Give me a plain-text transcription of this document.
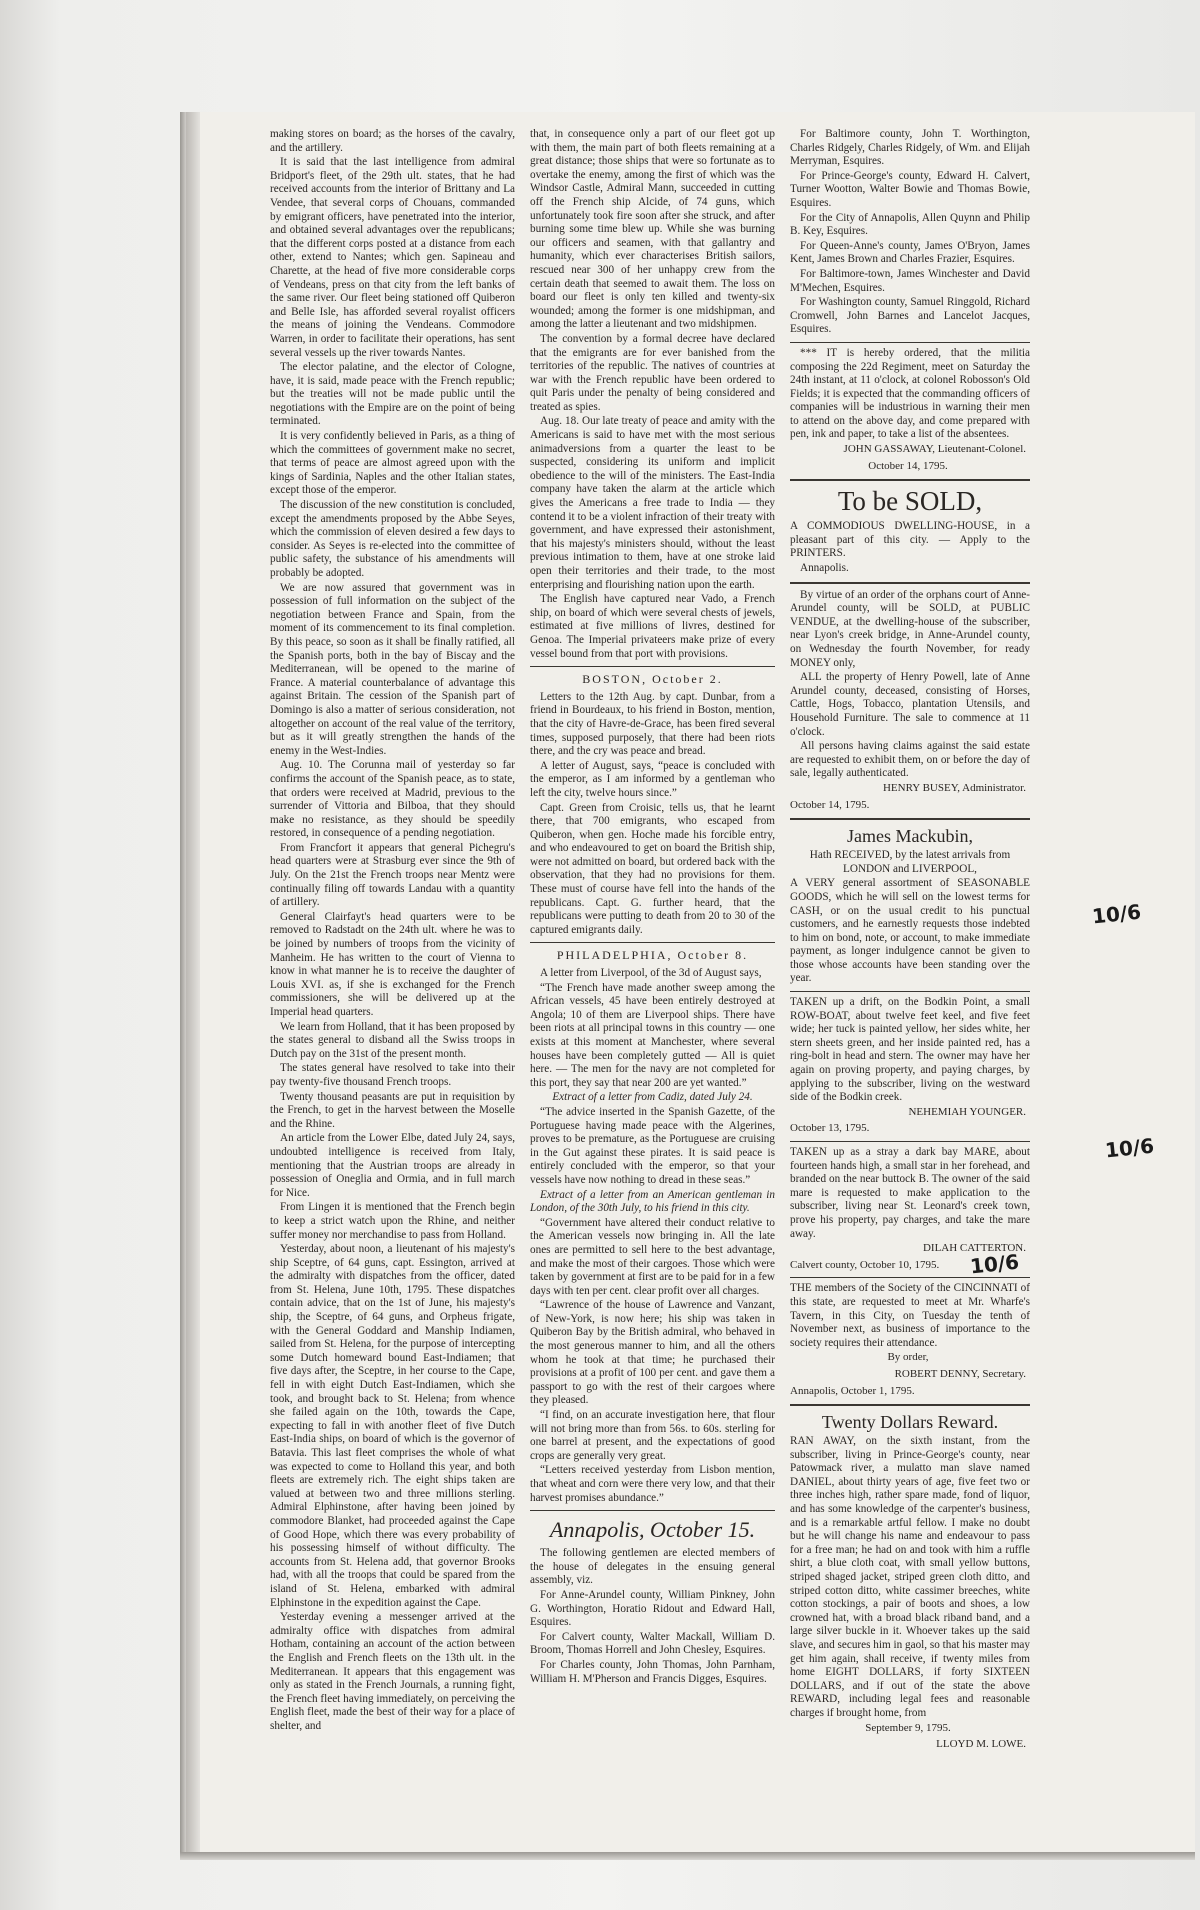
making stores on board; as the horses of the cavalry, and the artillery.

It is said that the last intelligence from admiral Bridport's fleet, of the 29th ult. states, that he had received accounts from the interior of Brittany and La Vendee, that several corps of Chouans, commanded by emigrant officers, have penetrated into the interior, and obtained several advantages over the republicans; that the different corps posted at a distance from each other, extend to Nantes; which gen. Sapineau and Charette, at the head of five more considerable corps of Vendeans, press on that city from the left banks of the same river. Our fleet being stationed off Quiberon and Belle Isle, has afforded several royalist officers the means of joining the Vendeans. Commodore Warren, in order to facilitate their operations, has sent several vessels up the river towards Nantes.

The elector palatine, and the elector of Cologne, have, it is said, made peace with the French republic; but the treaties will not be made public until the negotiations with the Empire are on the point of being terminated.

It is very confidently believed in Paris, as a thing of which the committees of government make no secret, that terms of peace are almost agreed upon with the kings of Sardinia, Naples and the other Italian states, except those of the emperor.

The discussion of the new constitution is concluded, except the amendments proposed by the Abbe Seyes, which the commission of eleven desired a few days to consider. As Seyes is re-elected into the committee of public safety, the substance of his amendments will probably be adopted.

We are now assured that government was in possession of full information on the subject of the negotiation between France and Spain, from the moment of its commencement to its final completion. By this peace, so soon as it shall be finally ratified, all the Spanish ports, both in the bay of Biscay and the Mediterranean, will be opened to the marine of France. A material counterbalance of advantage this against Britain. The cession of the Spanish part of Domingo is also a matter of serious consideration, not altogether on account of the real value of the territory, but as it will greatly strengthen the hands of the enemy in the West-Indies.

Aug. 10. The Corunna mail of yesterday so far confirms the account of the Spanish peace, as to state, that orders were received at Madrid, previous to the surrender of Vittoria and Bilboa, that they should make no resistance, as they should be speedily restored, in consequence of a pending negotiation.

From Francfort it appears that general Pichegru's head quarters were at Strasburg ever since the 9th of July. On the 21st the French troops near Mentz were continually filing off towards Landau with a quantity of artillery.

General Clairfayt's head quarters were to be removed to Radstadt on the 24th ult. where he was to be joined by numbers of troops from the vicinity of Manheim. He has written to the court of Vienna to know in what manner he is to receive the daughter of Louis XVI. as, if she is exchanged for the French commissioners, she will be delivered up at the Imperial head quarters.

We learn from Holland, that it has been proposed by the states general to disband all the Swiss troops in Dutch pay on the 31st of the present month.

The states general have resolved to take into their pay twenty-five thousand French troops.

Twenty thousand peasants are put in requisition by the French, to get in the harvest between the Moselle and the Rhine.

An article from the Lower Elbe, dated July 24, says, undoubted intelligence is received from Italy, mentioning that the Austrian troops are already in possession of Oneglia and Ormia, and in full march for Nice.

From Lingen it is mentioned that the French begin to keep a strict watch upon the Rhine, and neither suffer money nor merchandise to pass from Holland.

Yesterday, about noon, a lieutenant of his majesty's ship Sceptre, of 64 guns, capt. Essington, arrived at the admiralty with dispatches from the officer, dated from St. Helena, June 10th, 1795. These dispatches contain advice, that on the 1st of June, his majesty's ship, the Sceptre, of 64 guns, and Orpheus frigate, with the General Goddard and Manship Indiamen, sailed from St. Helena, for the purpose of intercepting some Dutch homeward bound East-Indiamen; that five days after, the Sceptre, in her course to the Cape, fell in with eight Dutch East-Indiamen, which she took, and brought back to St. Helena; from whence she failed again on the 10th, towards the Cape, expecting to fall in with another fleet of five Dutch East-India ships, on board of which is the governor of Batavia. This last fleet comprises the whole of what was expected to come to Holland this year, and both fleets are extremely rich. The eight ships taken are valued at between two and three millions sterling. Admiral Elphinstone, after having been joined by commodore Blanket, had proceeded against the Cape of Good Hope, which there was every probability of his possessing himself of without difficulty. The accounts from St. Helena add, that governor Brooks had, with all the troops that could be spared from the island of St. Helena, embarked with admiral Elphinstone in the expedition against the Cape.

Yesterday evening a messenger arrived at the admiralty office with dispatches from admiral Hotham, containing an account of the action between the English and French fleets on the 13th ult. in the Mediterranean. It appears that this engagement was only as stated in the French Journals, a running fight, the French fleet having immediately, on perceiving the English fleet, made the best of their way for a place of shelter, and

that, in consequence only a part of our fleet got up with them, the main part of both fleets remaining at a great distance; those ships that were so fortunate as to overtake the enemy, among the first of which was the Windsor Castle, Admiral Mann, succeeded in cutting off the French ship Alcide, of 74 guns, which unfortunately took fire soon after she struck, and after burning some time blew up. While she was burning our officers and seamen, with that gallantry and humanity, which ever characterises British sailors, rescued near 300 of her unhappy crew from the certain death that seemed to await them. The loss on board our fleet is only ten killed and twenty-six wounded; among the former is one midshipman, and among the latter a lieutenant and two midshipmen.

The convention by a formal decree have declared that the emigrants are for ever banished from the territories of the republic. The natives of countries at war with the French republic have been ordered to quit Paris under the penalty of being considered and treated as spies.

Aug. 18. Our late treaty of peace and amity with the Americans is said to have met with the most serious animadversions from a quarter the least to be suspected, considering its uniform and implicit obedience to the will of the ministers. The East-India company have taken the alarm at the article which gives the Americans a free trade to India — they contend it to be a violent infraction of their treaty with government, and have expressed their astonishment, that his majesty's ministers should, without the least previous intimation to them, have at one stroke laid open their territories and their trade, to the most enterprising and flourishing nation upon the earth.

The English have captured near Vado, a French ship, on board of which were several chests of jewels, estimated at five millions of livres, destined for Genoa. The Imperial privateers make prize of every vessel bound from that port with provisions.

BOSTON, October 2.

Letters to the 12th Aug. by capt. Dunbar, from a friend in Bourdeaux, to his friend in Boston, mention, that the city of Havre-de-Grace, has been fired several times, supposed purposely, that there had been riots there, and the cry was peace and bread.

A letter of August, says, “peace is concluded with the emperor, as I am informed by a gentleman who left the city, twelve hours since.”

Capt. Green from Croisic, tells us, that he learnt there, that 700 emigrants, who escaped from Quiberon, when gen. Hoche made his forcible entry, and who endeavoured to get on board the British ship, were not admitted on board, but ordered back with the observation, that they had no provisions for them. These must of course have fell into the hands of the republicans. Capt. G. further heard, that the republicans were putting to death from 20 to 30 of the captured emigrants daily.

PHILADELPHIA, October 8.

A letter from Liverpool, of the 3d of August says,

“The French have made another sweep among the African vessels, 45 have been entirely destroyed at Angola; 10 of them are Liverpool ships. There have been riots at all principal towns in this country — one exists at this moment at Manchester, where several houses have been completely gutted — All is quiet here. — The men for the navy are not completed for this port, they say that near 200 are yet wanted.”

Extract of a letter from Cadiz, dated July 24.

“The advice inserted in the Spanish Gazette, of the Portuguese having made peace with the Algerines, proves to be premature, as the Portuguese are cruising in the Gut against these pirates. It is said peace is entirely concluded with the emperor, so that your vessels have now nothing to dread in these seas.”

Extract of a letter from an American gentleman in London, of the 30th July, to his friend in this city.

“Government have altered their conduct relative to the American vessels now bringing in. All the late ones are permitted to sell here to the best advantage, and make the most of their cargoes. Those which were taken by government at first are to be paid for in a few days with ten per cent. clear profit over all charges.

“Lawrence of the house of Lawrence and Vanzant, of New-York, is now here; his ship was taken in Quiberon Bay by the British admiral, who behaved in the most generous manner to him, and all the others whom he took at that time; he purchased their provisions at a profit of 100 per cent. and gave them a passport to go with the rest of their cargoes where they pleased.

“I find, on an accurate investigation here, that flour will not bring more than from 56s. to 60s. sterling for one barrel at present, and the expectations of good crops are generally very great.

“Letters received yesterday from Lisbon mention, that wheat and corn were there very low, and that their harvest promises abundance.”

Annapolis, October 15.

The following gentlemen are elected members of the house of delegates in the ensuing general assembly, viz.

For Anne-Arundel county, William Pinkney, John G. Worthington, Horatio Ridout and Edward Hall, Esquires.

For Calvert county, Walter Mackall, William D. Broom, Thomas Horrell and John Chesley, Esquires.

For Charles county, John Thomas, John Parnham, William H. M'Pherson and Francis Digges, Esquires.

For Baltimore county, John T. Worthington, Charles Ridgely, Charles Ridgely, of Wm. and Elijah Merryman, Esquires.

For Prince-George's county, Edward H. Calvert, Turner Wootton, Walter Bowie and Thomas Bowie, Esquires.

For the City of Annapolis, Allen Quynn and Philip B. Key, Esquires.

For Queen-Anne's county, James O'Bryon, James Kent, James Brown and Charles Frazier, Esquires.

For Baltimore-town, James Winchester and David M'Mechen, Esquires.

For Washington county, Samuel Ringgold, Richard Cromwell, John Barnes and Lancelot Jacques, Esquires.

*** IT is hereby ordered, that the militia composing the 22d Regiment, meet on Saturday the 24th instant, at 11 o'clock, at colonel Robosson's Old Fields; it is expected that the commanding officers of companies will be industrious in warning their men to attend on the above day, and come prepared with pen, ink and paper, to take a list of the absentees.

JOHN GASSAWAY, Lieutenant-Colonel.
October 14, 1795.
To be SOLD,

A COMMODIOUS DWELLING-HOUSE, in a pleasant part of this city. — Apply to the PRINTERS.

Annapolis.

By virtue of an order of the orphans court of Anne-Arundel county, will be SOLD, at PUBLIC VENDUE, at the dwelling-house of the subscriber, near Lyon's creek bridge, in Anne-Arundel county, on Wednesday the fourth November, for ready MONEY only,

ALL the property of Henry Powell, late of Anne Arundel county, deceased, consisting of Horses, Cattle, Hogs, Tobacco, plantation Utensils, and Household Furniture. The sale to commence at 11 o'clock.

All persons having claims against the said estate are requested to exhibit them, on or before the day of sale, legally authenticated.

HENRY BUSEY, Administrator.
October 14, 1795.
James Mackubin,

Hath RECEIVED, by the latest arrivals from LONDON and LIVERPOOL,

A VERY general assortment of SEASONABLE GOODS, which he will sell on the lowest terms for CASH, or on the usual credit to his punctual customers, and he earnestly requests those indebted to him on bond, note, or account, to make immediate payment, as longer indulgence cannot be given to those whose accounts have been standing over the year.

TAKEN up a drift, on the Bodkin Point, a small ROW-BOAT, about twelve feet keel, and five feet wide; her tuck is painted yellow, her sides white, her stern sheets green, and her inside painted red, has a ring-bolt in head and stern. The owner may have her again on proving property, and paying charges, by applying to the subscriber, living on the westward side of the Bodkin creek.

NEHEMIAH YOUNGER.
October 13, 1795.

TAKEN up as a stray a dark bay MARE, about fourteen hands high, a small star in her forehead, and branded on the near buttock B. The owner of the said mare is requested to make application to the subscriber, living near St. Leonard's creek town, prove his property, pay charges, and take the mare away.

DILAH CATTERTON.
Calvert county, October 10, 1795.

THE members of the Society of the CINCINNATI of this state, are requested to meet at Mr. Wharfe's Tavern, in this City, on Tuesday the tenth of November next, as business of importance to the society requires their attendance.

By order,
ROBERT DENNY, Secretary.
Annapolis, October 1, 1795.
Twenty Dollars Reward.

RAN AWAY, on the sixth instant, from the subscriber, living in Prince-George's county, near Patowmack river, a mulatto man slave named DANIEL, about thirty years of age, five feet two or three inches high, rather spare made, fond of liquor, and has some knowledge of the carpenter's business, and is a remarkable artful fellow. I make no doubt but he will change his name and endeavour to pass for a free man; he had on and took with him a ruffle shirt, a blue cloth coat, with small yellow buttons, striped shaged jacket, striped green cloth ditto, and striped cotton ditto, white cassimer breeches, white cotton stockings, a pair of boots and shoes, a low crowned hat, with a broad black riband band, and a large silver buckle in it. Whoever takes up the said slave, and secures him in gaol, so that his master may get him again, shall receive, if twenty miles from home EIGHT DOLLARS, if forty SIXTEEN DOLLARS, and if out of the state the above REWARD, including legal fees and reasonable charges if brought home, from

September 9, 1795.
LLOYD M. LOWE.
10/6
10/6
10/6
